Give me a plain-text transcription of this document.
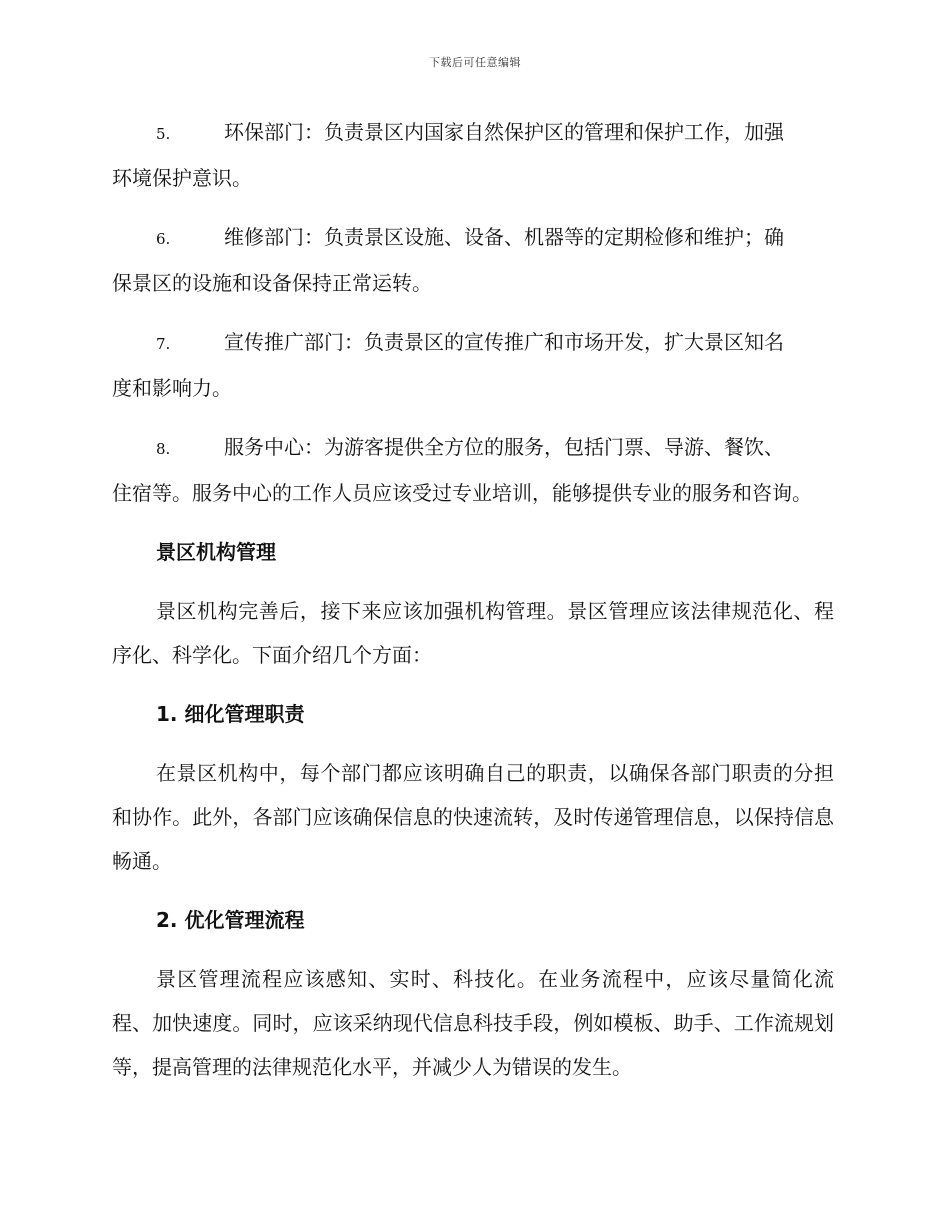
下载后可任意编辑

5.	环保部门：负责景区内国家自然保护区的管理和保护工作，加强
环境保护意识。

6.	维修部门：负责景区设施、设备、机器等的定期检修和维护；确
保景区的设施和设备保持正常运转。

7.	宣传推广部门：负责景区的宣传推广和市场开发，扩大景区知名
度和影响力。

8.	服务中心：为游客提供全方位的服务，包括门票、导游、餐饮、
住宿等。服务中心的工作人员应该受过专业培训，能够提供专业的服务和咨询。

景区机构管理

景区机构完善后，接下来应该加强机构管理。景区管理应该法律规范化、程序化、科学化。下面介绍几个方面：

1. 细化管理职责

在景区机构中，每个部门都应该明确自己的职责，以确保各部门职责的分担和协作。此外，各部门应该确保信息的快速流转，及时传递管理信息，以保持信息畅通。

2. 优化管理流程

景区管理流程应该感知、实时、科技化。在业务流程中，应该尽量简化流程、加快速度。同时，应该采纳现代信息科技手段，例如模板、助手、工作流规划等，提高管理的法律规范化水平，并减少人为错误的发生。
